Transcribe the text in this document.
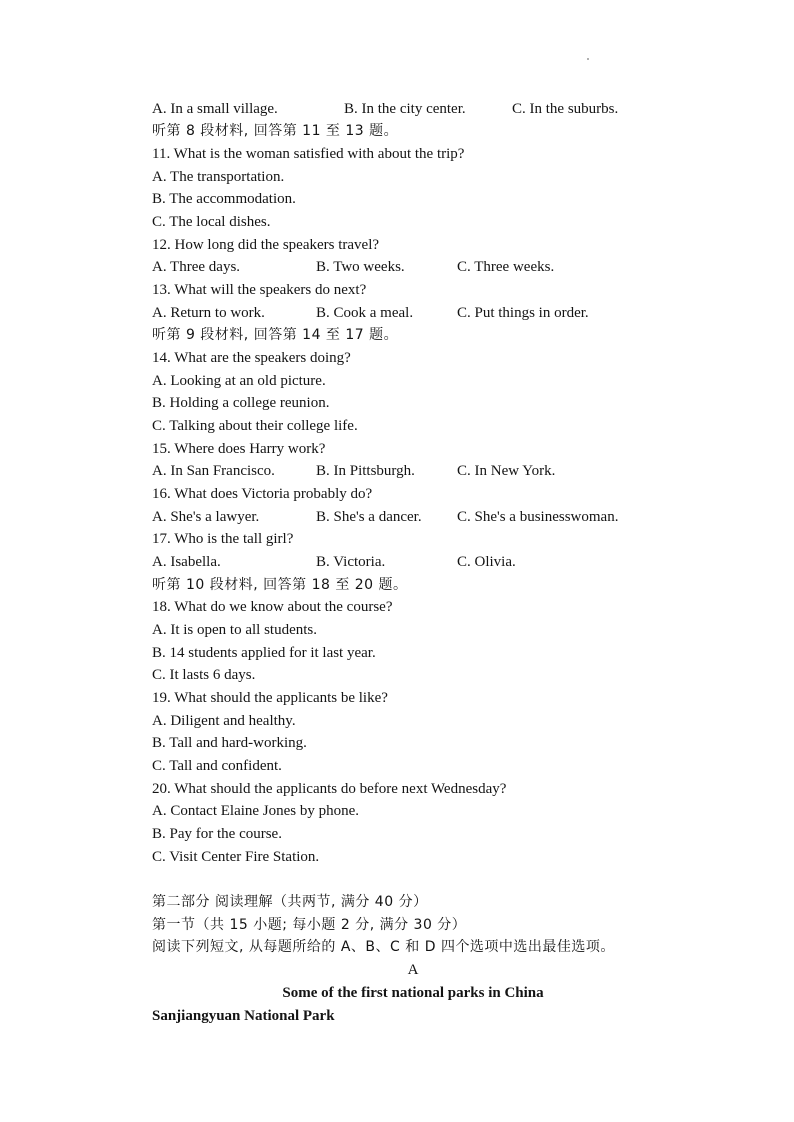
A. In a small village.	B. In the city center.	C. In the suburbs.
听第 8 段材料, 回答第 11 至 13 题。
11. What is the woman satisfied with about the trip?
A. The transportation.
B. The accommodation.
C. The local dishes.
12. How long did the speakers travel?
A. Three days.	B. Two weeks.	C. Three weeks.
13. What will the speakers do next?
A. Return to work.	B. Cook a meal.	C. Put things in order.
听第 9 段材料, 回答第 14 至 17 题。
14. What are the speakers doing?
A. Looking at an old picture.
B. Holding a college reunion.
C. Talking about their college life.
15. Where does Harry work?
A. In San Francisco.	B. In Pittsburgh.	C. In New York.
16. What does Victoria probably do?
A. She's a lawyer.	B. She's a dancer. C. She's a businesswoman.
17. Who is the tall girl?
A. Isabella.	B. Victoria.	C. Olivia.
听第 10 段材料, 回答第 18 至 20 题。
18. What do we know about the course?
A. It is open to all students.
B. 14 students applied for it last year.
C. It lasts 6 days.
19. What should the applicants be like?
A. Diligent and healthy.
B. Tall and hard-working.
C. Tall and confident.
20. What should the applicants do before next Wednesday?
A. Contact Elaine Jones by phone.
B. Pay for the course.
C. Visit Center Fire Station.
第二部分 阅读理解（共两节, 满分 40 分）
第一节（共 15 小题; 每小题 2 分, 满分 30 分）
阅读下列短文, 从每题所给的 A、B、C 和 D 四个选项中选出最佳选项。
A
Some of the first national parks in China
Sanjiangyuan National Park
